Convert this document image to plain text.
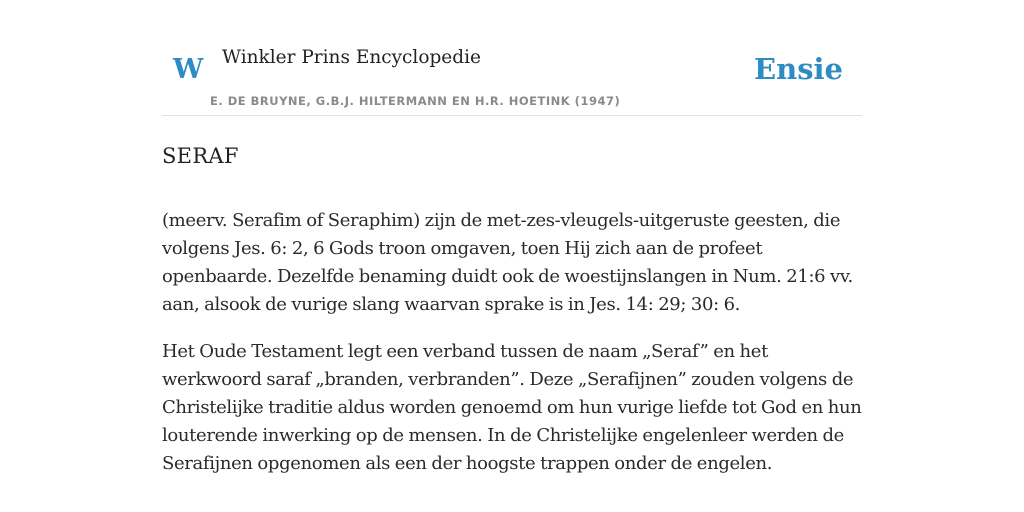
W Winkler Prins Encyclopedie
E. DE BRUYNE, G.B.J. HILTERMANN EN H.R. HOETINK (1947)
Ensie
SERAF

(meerv. Serafim of Seraphim) zijn de met-zes-vleugels-uitgeruste geesten, die volgens Jes. 6: 2, 6 Gods troon omgaven, toen Hij zich aan de profeet openbaarde. Dezelfde benaming duidt ook de woestijnslangen in Num. 21:6 vv. aan, alsook de vurige slang waarvan sprake is in Jes. 14: 29; 30: 6.

Het Oude Testament legt een verband tussen de naam „Seraf” en het werkwoord saraf „branden, verbranden”. Deze „Serafijnen” zouden volgens de Christelijke traditie aldus worden genoemd om hun vurige liefde tot God en hun louterende inwerking op de mensen. In de Christelijke engelenleer werden de Serafijnen opgenomen als een der hoogste trappen onder de engelen.
